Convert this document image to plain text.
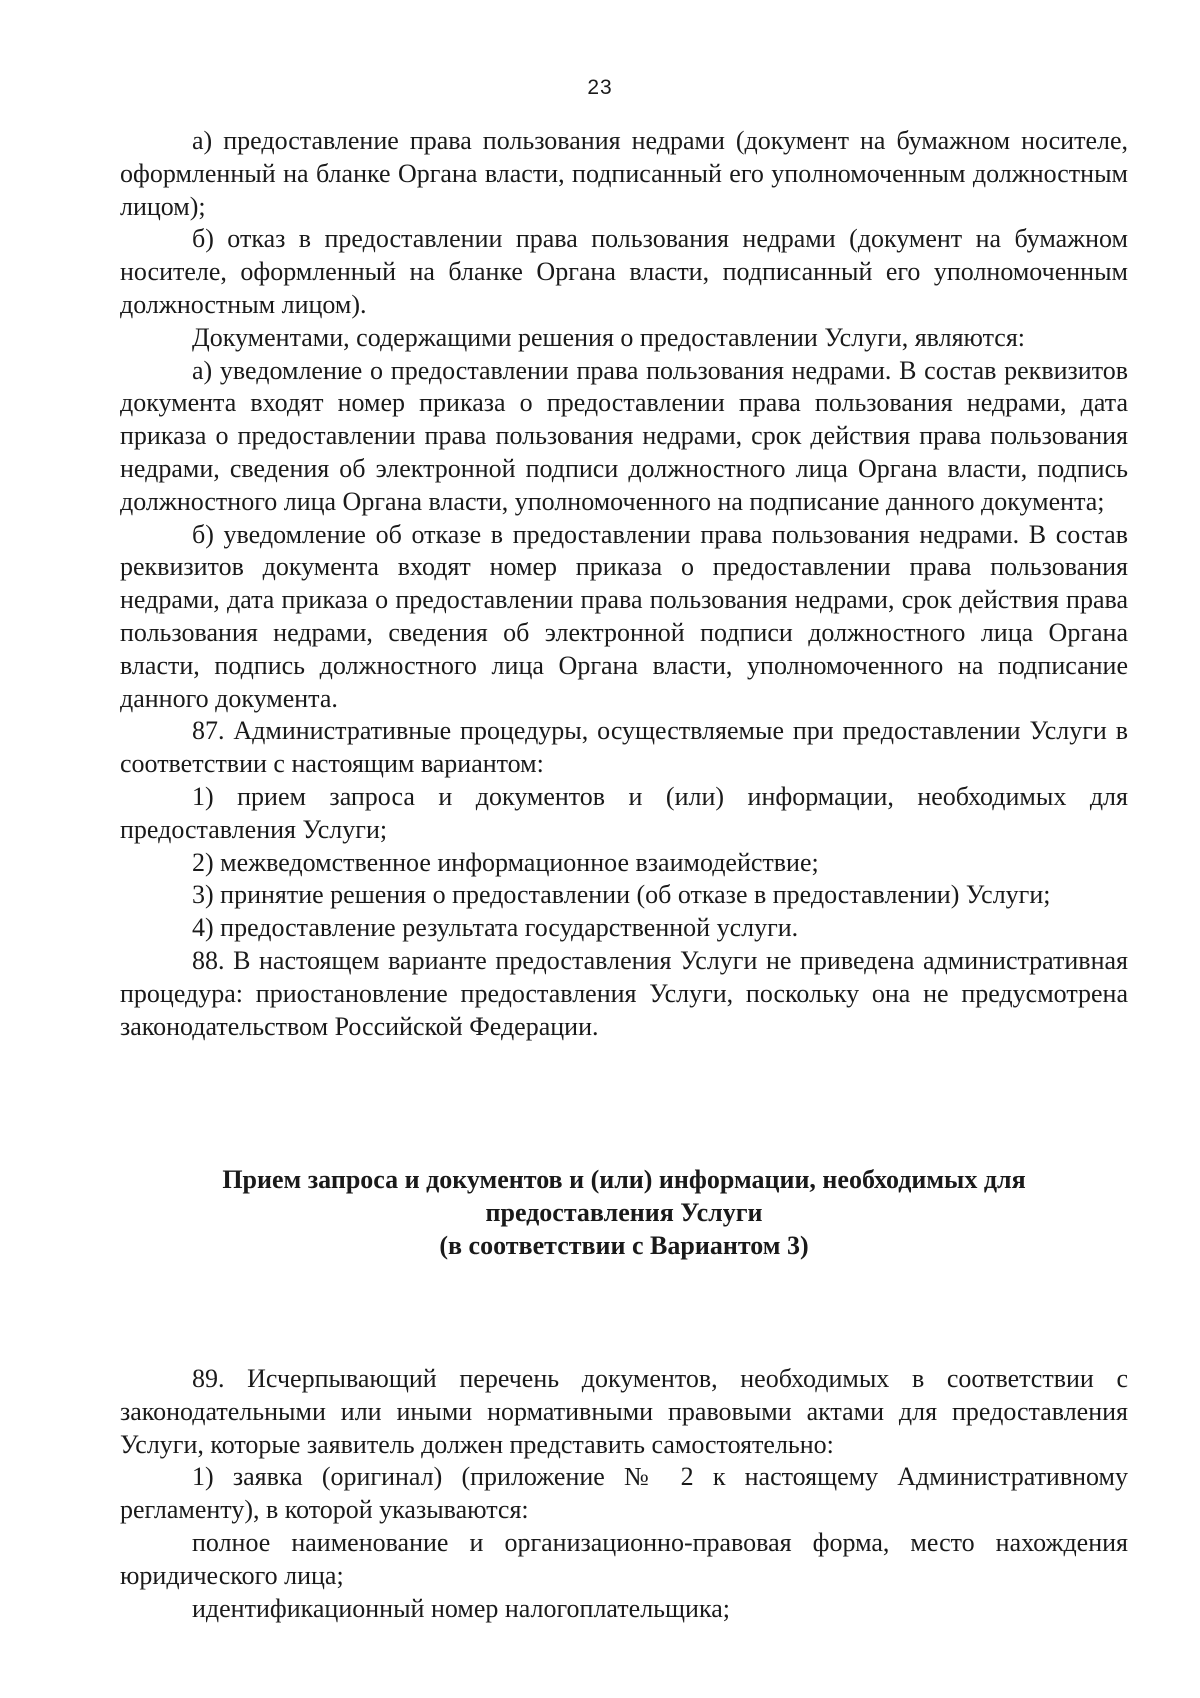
23

а) предоставление права пользования недрами (документ на бумажном носителе, оформленный на бланке Органа власти, подписанный его уполномоченным должностным лицом);

б) отказ в предоставлении права пользования недрами (документ на бумажном носителе, оформленный на бланке Органа власти, подписанный его уполномоченным должностным лицом).

Документами, содержащими решения о предоставлении Услуги, являются:

а) уведомление о предоставлении права пользования недрами. В состав реквизитов документа входят номер приказа о предоставлении права пользования недрами, дата приказа о предоставлении права пользования недрами, срок действия права пользования недрами, сведения об электронной подписи должностного лица Органа власти, подпись должностного лица Органа власти, уполномоченного на подписание данного документа;

б) уведомление об отказе в предоставлении права пользования недрами. В состав реквизитов документа входят номер приказа о предоставлении права пользования недрами, дата приказа о предоставлении права пользования недрами, срок действия права пользования недрами, сведения об электронной подписи должностного лица Органа власти, подпись должностного лица Органа власти, уполномоченного на подписание данного документа.

87. Административные процедуры, осуществляемые при предоставлении Услуги в соответствии с настоящим вариантом:

1) прием запроса и документов и (или) информации, необходимых для предоставления Услуги;

2) межведомственное информационное взаимодействие;

3) принятие решения о предоставлении (об отказе в предоставлении) Услуги;

4) предоставление результата государственной услуги.

88. В настоящем варианте предоставления Услуги не приведена административная процедура: приостановление предоставления Услуги, поскольку она не предусмотрена законодательством Российской Федерации.

Прием запроса и документов и (или) информации, необходимых для
предоставления Услуги
(в соответствии с Вариантом 3)

89. Исчерпывающий перечень документов, необходимых в соответствии с законодательными или иными нормативными правовыми актами для предоставления Услуги, которые заявитель должен представить самостоятельно:

1) заявка (оригинал) (приложение № 2 к настоящему Административному регламенту), в которой указываются:

полное наименование и организационно-правовая форма, место нахождения юридического лица;

идентификационный номер налогоплательщика;
